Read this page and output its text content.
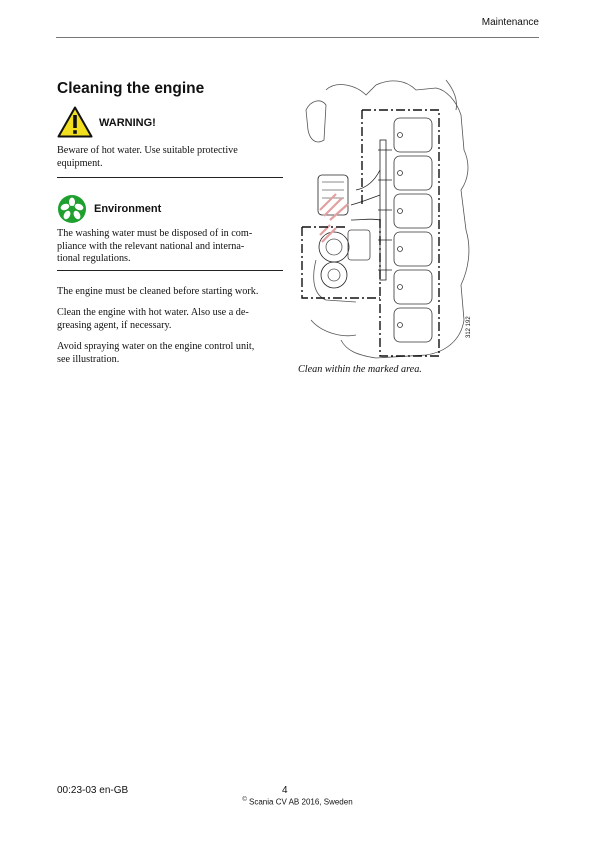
Maintenance
Cleaning the engine
WARNING!
Beware of hot water. Use suitable protective
equipment.
Environment
The washing water must be disposed of in com-
pliance with the relevant national and interna-
tional regulations.
The engine must be cleaned before starting work.
Clean the engine with hot water. Also use a de-
greasing agent, if necessary.
Avoid spraying water on the engine control unit,
see illustration.
312 192
Clean within the marked area.
00:23-03 en-GB	4
© Scania CV AB 2016, Sweden
